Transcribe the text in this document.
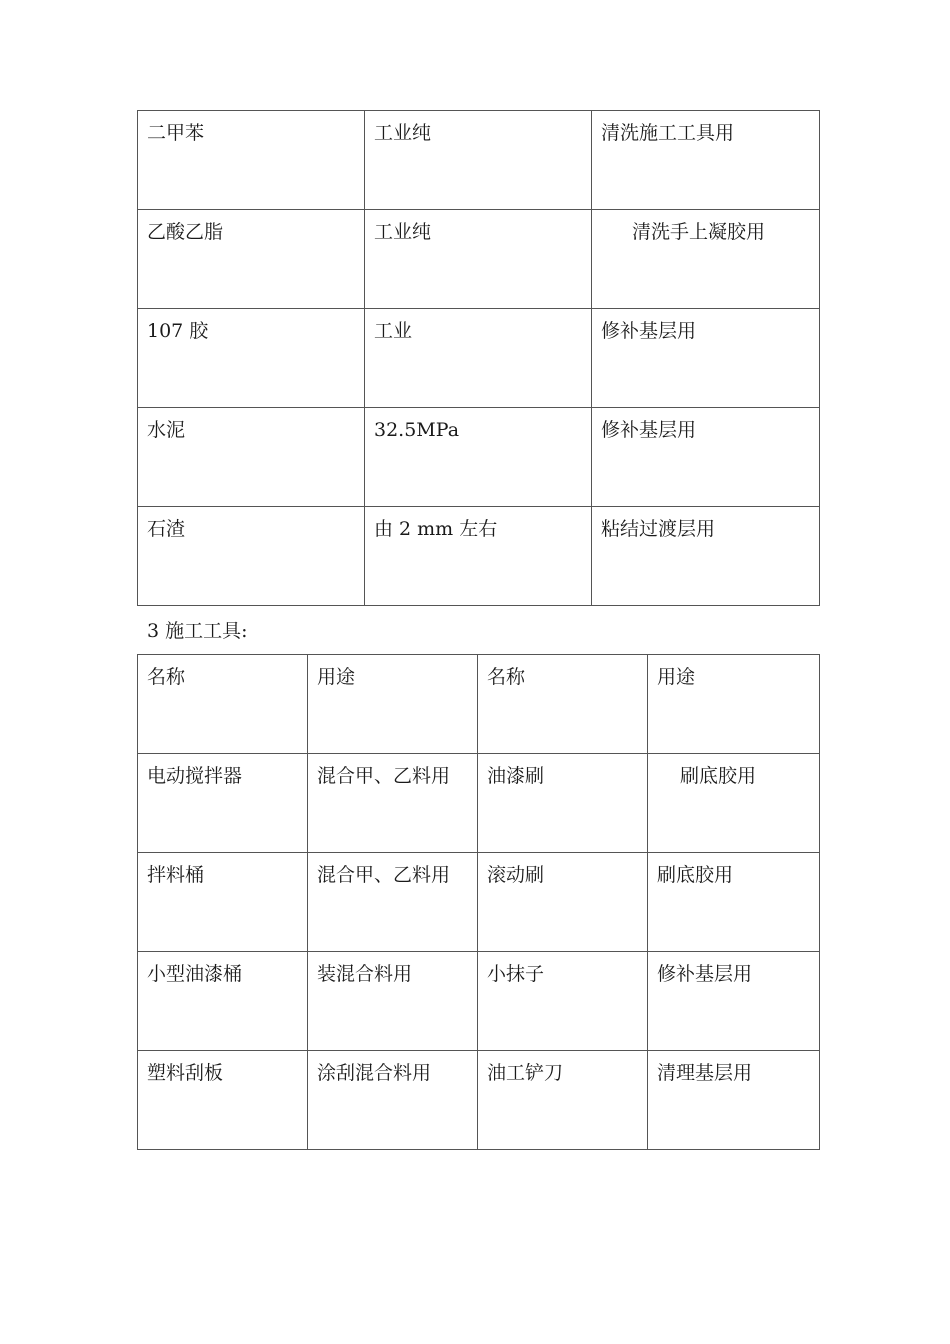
二甲苯	工业纯	清洗施工工具用

乙酸乙脂	工业纯	清洗手上凝胶用

107 胶	工业	修补基层用

水泥	32.5MPa	修补基层用

石渣	由 2 mm 左右	粘结过渡层用
3 施工工具:
名称	用途	名称	用途

电动搅拌器	混合甲、乙料用	油漆刷	刷底胶用

拌料桶	混合甲、乙料用	滚动刷	刷底胶用

小型油漆桶	装混合料用	小抹子	修补基层用

塑料刮板	涂刮混合料用	油工铲刀	清理基层用
